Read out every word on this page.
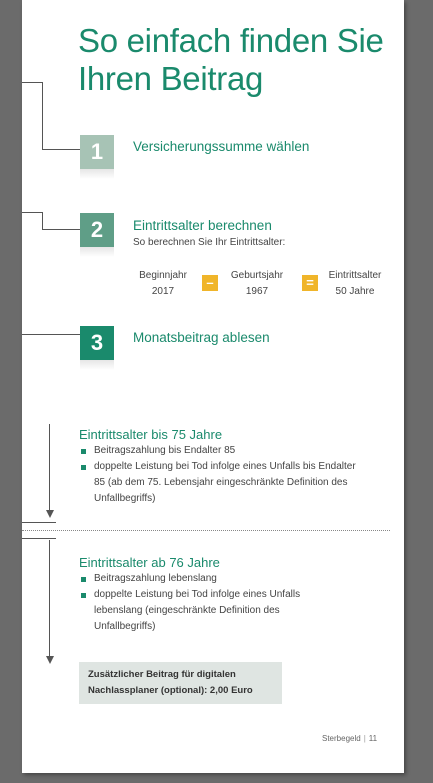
So einfach finden Sie
Ihren Beitrag
1	Versicherungssumme wählen
2	Eintrittsalter berechnen
So berechnen Sie Ihr Eintrittsalter:
Beginnjahr
2017
–	Geburtsjahr
1967
=	Eintrittsalter
50 Jahre
3	Monatsbeitrag ablesen
Eintrittsalter bis 75 Jahre
Beitragszahlung bis Endalter 85
doppelte Leistung bei Tod infolge eines Unfalls bis Endalter 85 (ab dem 75. Lebensjahr eingeschränkte Definition des Unfallbegriffs)
Eintrittsalter ab 76 Jahre
Beitragszahlung lebenslang
doppelte Leistung bei Tod infolge eines Unfalls lebenslang (eingeschränkte Definition des Unfallbegriffs)

Zusätzlicher Beitrag für digitalen
Nachlassplaner (optional): 2,00 Euro

Sterbegeld | 11
